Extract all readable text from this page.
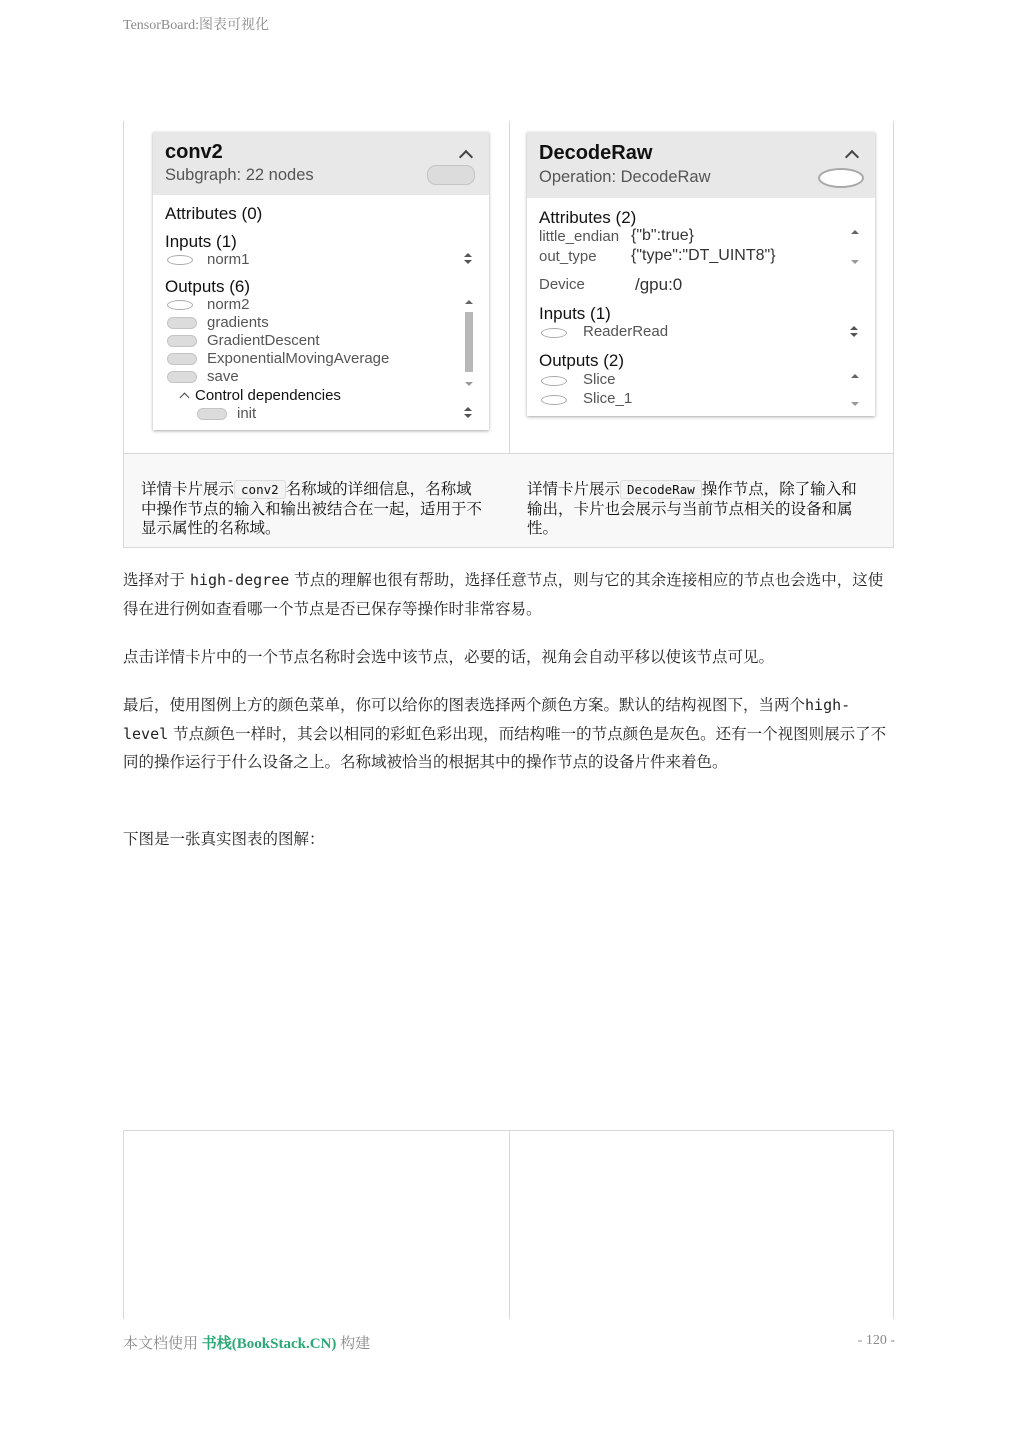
TensorBoard:图表可视化
conv2
Subgraph: 22 nodes
Attributes (0)
Inputs (1)
norm1
Outputs (6)
norm2
gradients
GradientDescent
ExponentialMovingAverage
save
Control dependencies
init
DecodeRaw
Operation: DecodeRaw
Attributes (2)
little_endian {"b":true}
out_type {"type":"DT_UINT8"}
Device	/gpu:0
Inputs (1)
ReaderRead
Outputs (2)
Slice
Slice_1
详情卡片展示 conv2 名称域的详细信息，名称域中操作节点的输入和输出被结合在一起，适用于不显示属性的名称域。
详情卡片展示 DecodeRaw 操作节点，除了输入和输出，卡片也会展示与当前节点相关的设备和属性。
选择对于 high-degree 节点的理解也很有帮助，选择任意节点，则与它的其余连接相应的节点也会选中，这使得在进行例如查看哪一个节点是否已保存等操作时非常容易。
点击详情卡片中的一个节点名称时会选中该节点，必要的话，视角会自动平移以使该节点可见。
最后，使用图例上方的颜色菜单，你可以给你的图表选择两个颜色方案。默认的结构视图下，当两个high-level 节点颜色一样时，其会以相同的彩虹色彩出现，而结构唯一的节点颜色是灰色。还有一个视图则展示了不同的操作运行于什么设备之上。名称域被恰当的根据其中的操作节点的设备片件来着色。
下图是一张真实图表的图解：
本文档使用 书栈(BookStack.CN) 构建	- 120 -
